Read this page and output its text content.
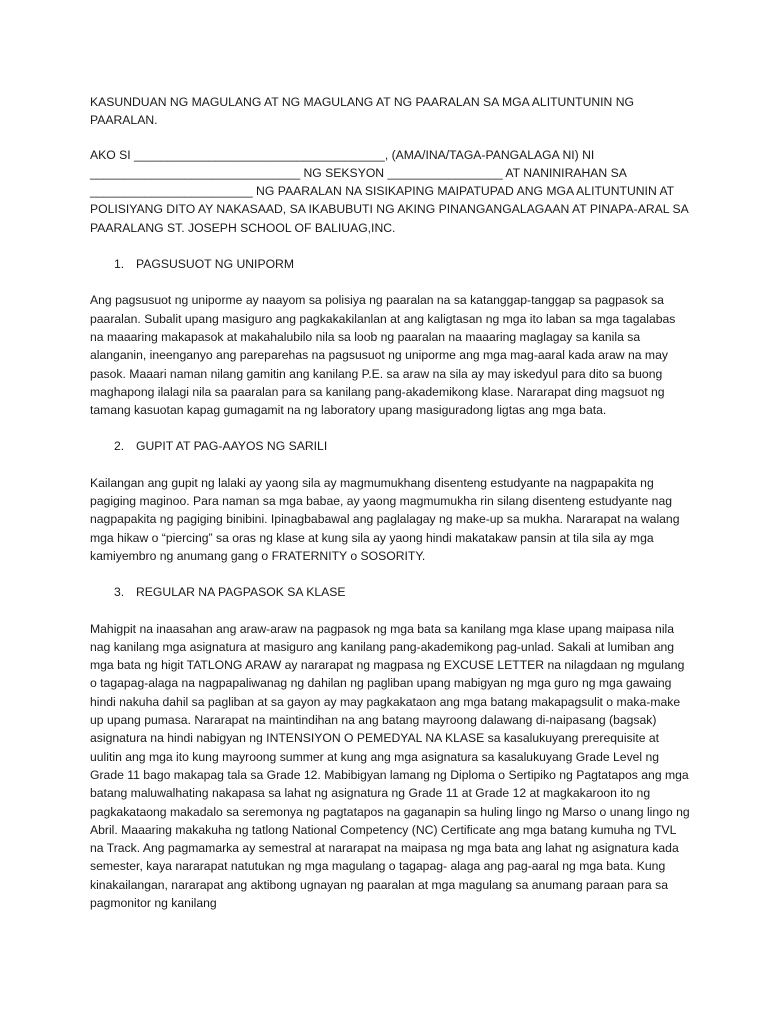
KASUNDUAN NG MAGULANG AT NG MAGULANG AT NG PAARALAN SA MGA ALITUNTUNIN NG PAARALAN.

AKO SI _____________________________________, (AMA/INA/TAGA-PANGALAGA NI) NI _______________________________ NG SEKSYON _________________ AT NANINIRAHAN SA ________________________ NG PAARALAN NA SISIKAPING MAIPATUPAD ANG MGA ALITUNTUNIN AT POLISIYANG DITO AY NAKASAAD, SA IKABUBUTI NG AKING PINANGANGALAGAAN AT PINAPA-ARAL SA PAARALANG ST. JOSEPH SCHOOL OF BALIUAG,INC.

1. PAGSUSUOT NG UNIPORM

Ang pagsusuot ng uniporme ay naayom sa polisiya ng paaralan na sa katanggap-tanggap sa pagpasok sa paaralan. Subalit upang masiguro ang pagkakakilanlan at ang kaligtasan ng mga ito laban sa mga tagalabas na maaaring makapasok at makahalubilo nila sa loob ng paaralan na maaaring maglagay sa kanila sa alanganin, ineenganyo ang pareparehas na pagsusuot ng uniporme ang mga mag-aaral kada araw na may pasok. Maaari naman nilang gamitin ang kanilang P.E. sa araw na sila ay may iskedyul para dito sa buong maghapong ilalagi nila sa paaralan para sa kanilang pang-akademikong klase. Nararapat ding magsuot ng tamang kasuotan kapag gumagamit na ng laboratory upang masiguradong ligtas ang mga bata.

2. GUPIT AT PAG-AAYOS NG SARILI

Kailangan ang gupit ng lalaki ay yaong sila ay magmumukhang disenteng estudyante na nagpapakita ng pagiging maginoo. Para naman sa mga babae, ay yaong magmumukha rin silang disenteng estudyante nag nagpapakita ng pagiging binibini. Ipinagbabawal ang paglalagay ng make-up sa mukha. Nararapat na walang mga hikaw o “piercing” sa oras ng klase at kung sila ay yaong hindi makatakaw pansin at tila sila ay mga kamiyembro ng anumang gang o FRATERNITY o SOSORITY.

3. REGULAR NA PAGPASOK SA KLASE

Mahigpit na inaasahan ang araw-araw na pagpasok ng mga bata sa kanilang mga klase upang maipasa nila nag kanilang mga asignatura at masiguro ang kanilang pang-akademikong pag-unlad. Sakali at lumiban ang mga bata ng higit TATLONG ARAW ay nararapat ng magpasa ng EXCUSE LETTER na nilagdaan ng mgulang o tagapag-alaga na nagpapaliwanag ng dahilan ng pagliban upang mabigyan ng mga guro ng mga gawaing hindi nakuha dahil sa pagliban at sa gayon ay may pagkakataon ang mga batang makapagsulit o maka-make up upang pumasa. Nararapat na maintindihan na ang batang mayroong dalawang di-naipasang (bagsak) asignatura na hindi nabigyan ng INTENSIYON O PEMEDYAL NA KLASE sa kasalukuyang prerequisite at uulitin ang mga ito kung mayroong summer at kung ang mga asignatura sa kasalukuyang Grade Level ng Grade 11 bago makapag tala sa Grade 12. Mabibigyan lamang ng Diploma o Sertipiko ng Pagtatapos ang mga batang maluwalhating nakapasa sa lahat ng asignatura ng Grade 11 at Grade 12 at magkakaroon ito ng pagkakataong makadalo sa seremonya ng pagtatapos na gaganapin sa huling lingo ng Marso o unang lingo ng Abril. Maaaring makakuha ng tatlong National Competency (NC) Certificate ang mga batang kumuha ng TVL na Track. Ang pagmamarka ay semestral at nararapat na maipasa ng mga bata ang lahat ng asignatura kada semester, kaya nararapat natutukan ng mga magulang o tagapag- alaga ang pag-aaral ng mga bata. Kung kinakailangan, nararapat ang aktibong ugnayan ng paaralan at mga magulang sa anumang paraan para sa pagmonitor ng kanilang
